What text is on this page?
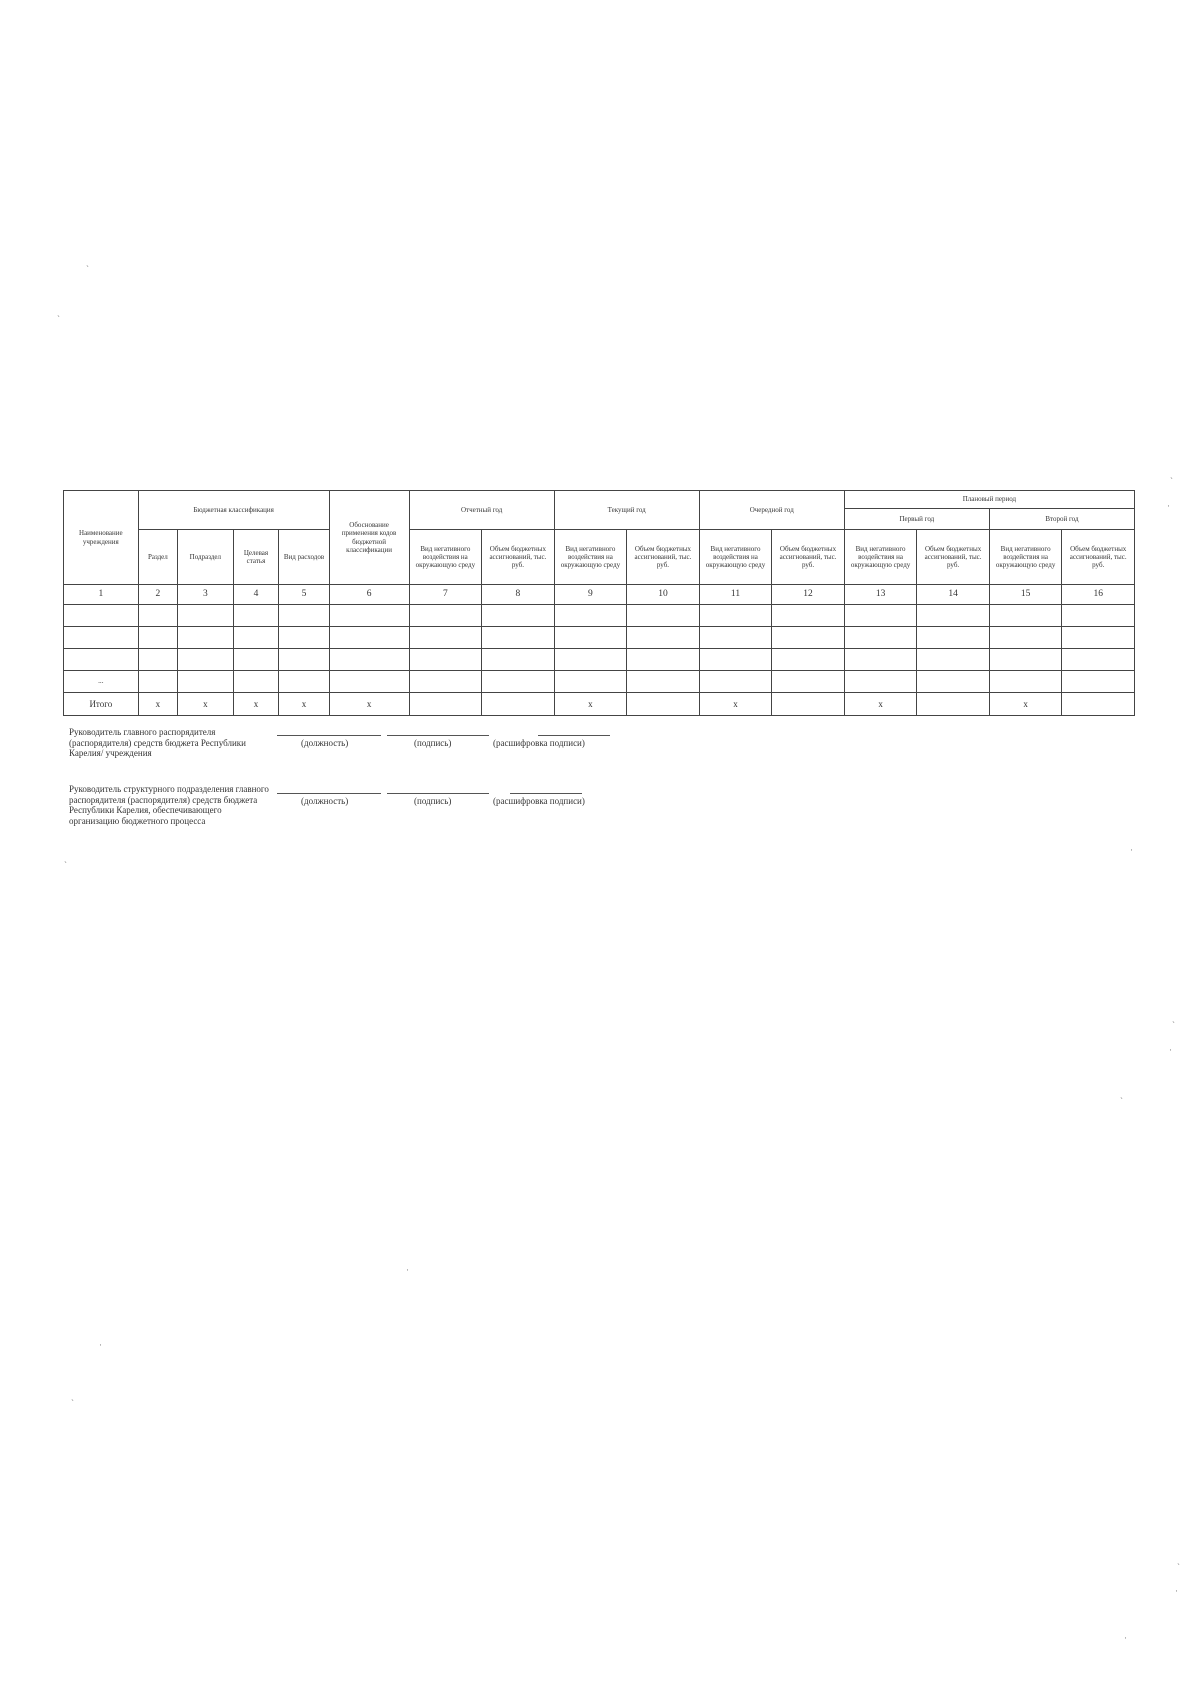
Наименование учреждения	Бюджетная классификация				Обоснование применения кодов бюджетной классификации	Отчетный год		Текущий год		Очередной год		Плановый период			
												Первый год		Второй год	
	Раздел	Подраздел	Целевая статья	Вид расходов		Вид негативного воздействия на окружающую среду	Объем бюджетных ассигнований, тыс. руб.	Вид негативного воздействия на окружающую среду	Объем бюджетных ассигнований, тыс. руб.	Вид негативного воздействия на окружающую среду	Объем бюджетных ассигнований, тыс. руб.	Вид негативного воздействия на окружающую среду	Объем бюджетных ассигнований, тыс. руб.	Вид негативного воздействия на окружающую среду	Объем бюджетных ассигнований, тыс. руб.
1	2	3	4	5	6	7	8	9	10	11	12	13	14	15	16

...															
Итого	х	х	х	х	х			х		х		х		х	
Руководитель главного распорядителя (распорядителя) средств бюджета Республики Карелия/ учреждения
(должность)	(подпись)	(расшифровка подписи)
Руководитель структурного подразделения главного распорядителя (распорядителя) средств бюджета Республики Карелия, обеспечивающего организацию бюджетного процесса
(должность)	(подпись)	(расшифровка подписи)
ˎ
ˏ
ˏ
·
·
ˏ
ˏ
·
ˎ
·
·
ˏ
ˏ
·
·
